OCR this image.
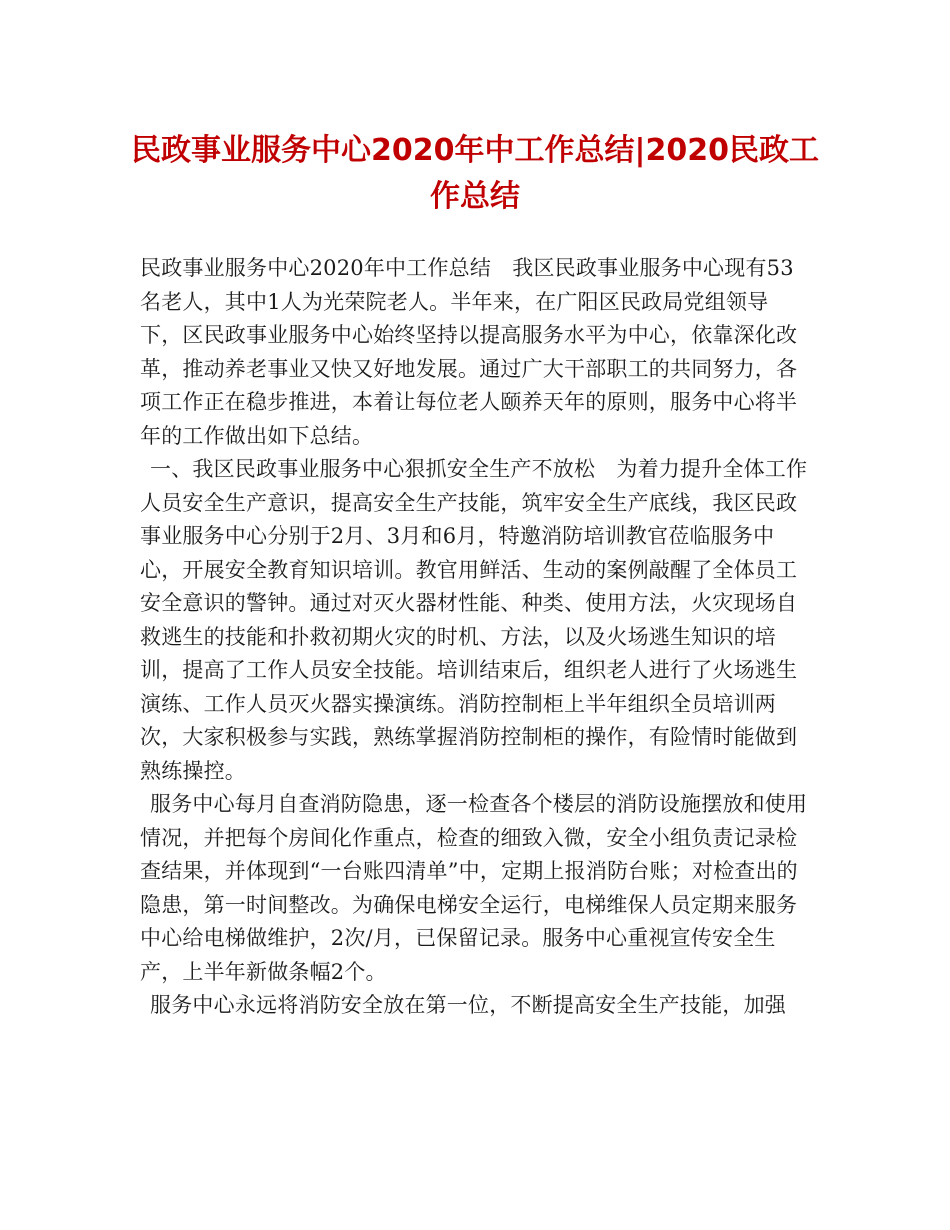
民政事业服务中心2020年中工作总结|2020民政工作总结

民政事业服务中心2020年中工作总结　我区民政事业服务中心现有53名老人，其中1人为光荣院老人。半年来，在广阳区民政局党组领导下，区民政事业服务中心始终坚持以提高服务水平为中心，依靠深化改革，推动养老事业又快又好地发展。通过广大干部职工的共同努力，各项工作正在稳步推进，本着让每位老人颐养天年的原则，服务中心将半年的工作做出如下总结。

一、我区民政事业服务中心狠抓安全生产不放松　为着力提升全体工作人员安全生产意识，提高安全生产技能，筑牢安全生产底线，我区民政事业服务中心分别于2月、3月和6月，特邀消防培训教官莅临服务中心，开展安全教育知识培训。教官用鲜活、生动的案例敲醒了全体员工安全意识的警钟。通过对灭火器材性能、种类、使用方法，火灾现场自救逃生的技能和扑救初期火灾的时机、方法，以及火场逃生知识的培训，提高了工作人员安全技能。培训结束后，组织老人进行了火场逃生演练、工作人员灭火器实操演练。消防控制柜上半年组织全员培训两次，大家积极参与实践，熟练掌握消防控制柜的操作，有险情时能做到熟练操控。

服务中心每月自查消防隐患，逐一检查各个楼层的消防设施摆放和使用情况，并把每个房间化作重点，检查的细致入微，安全小组负责记录检查结果，并体现到“一台账四清单”中，定期上报消防台账；对检查出的隐患，第一时间整改。为确保电梯安全运行，电梯维保人员定期来服务中心给电梯做维护，2次/月，已保留记录。服务中心重视宣传安全生产，上半年新做条幅2个。

服务中心永远将消防安全放在第一位，不断提高安全生产技能，加强
